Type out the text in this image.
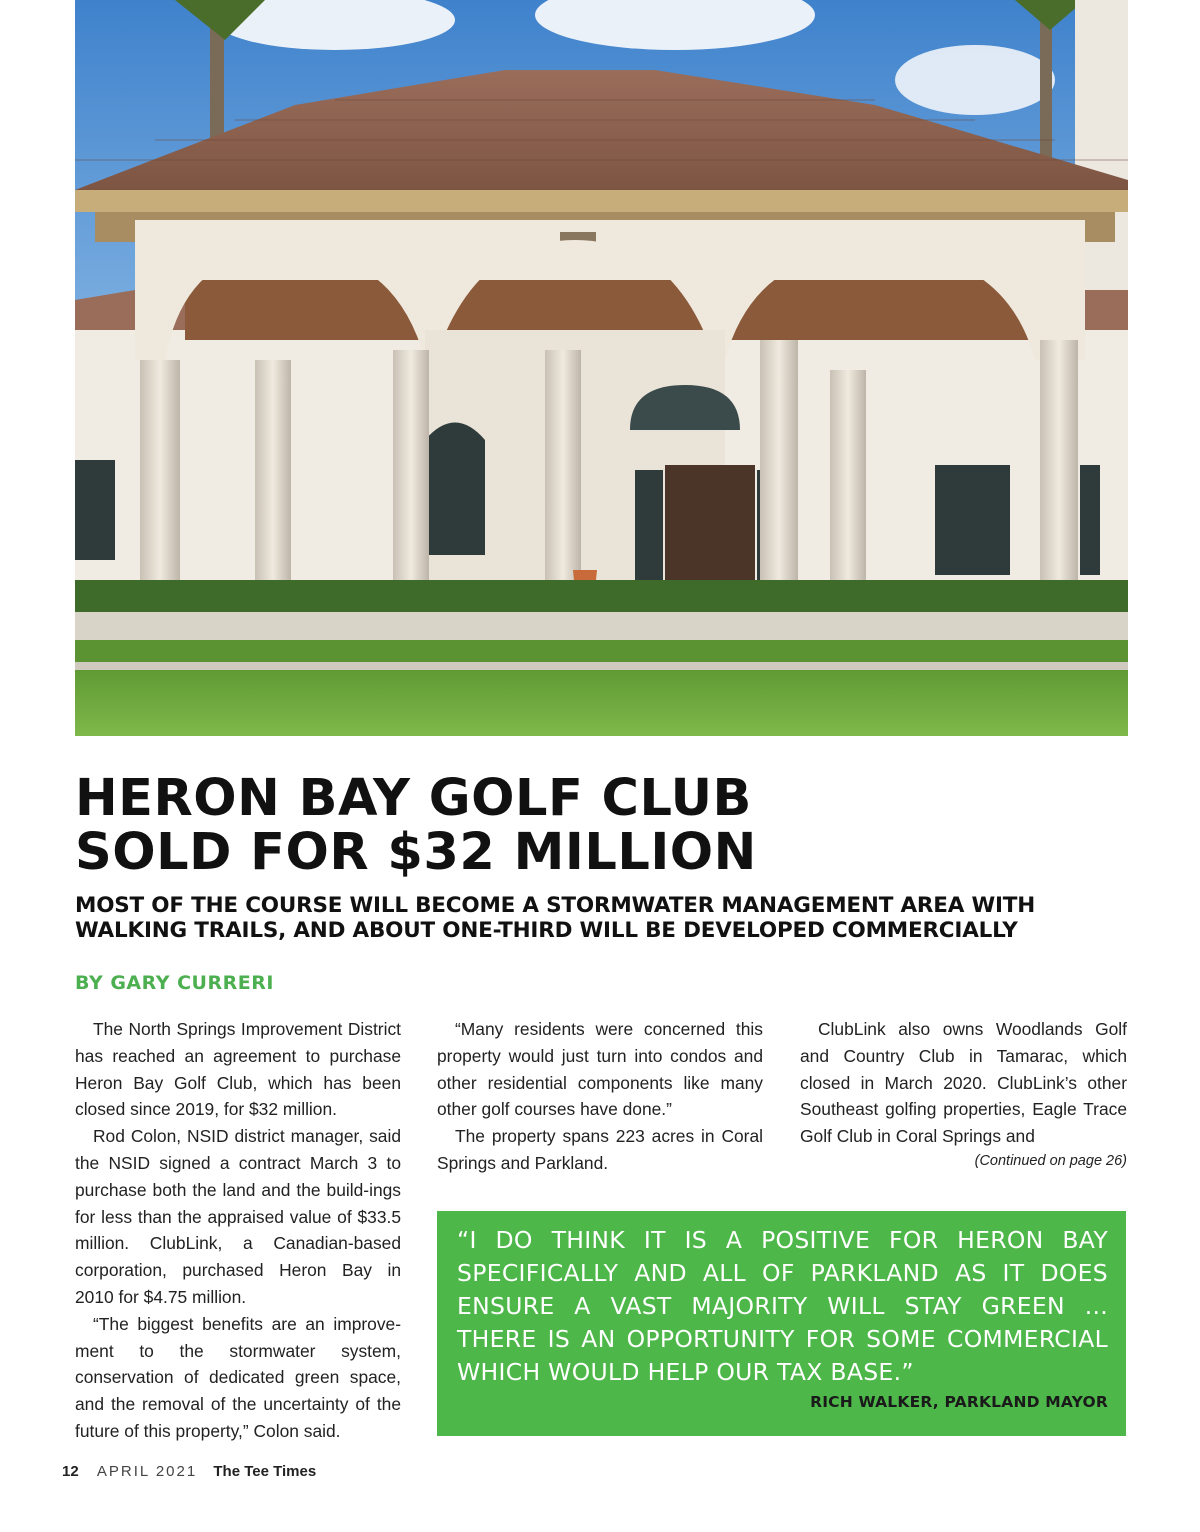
HERON BAY GOLF CLUB
SOLD FOR $32 MILLION
MOST OF THE COURSE WILL BECOME A STORMWATER MANAGEMENT AREA WITH
WALKING TRAILS, AND ABOUT ONE-THIRD WILL BE DEVELOPED COMMERCIALLY
BY GARY CURRERI

The North Springs Improvement District has reached an agreement to purchase Heron Bay Golf Club, which has been closed since 2019, for $32 million.

Rod Colon, NSID district manager, said the NSID signed a contract March 3 to purchase both the land and the build-ings for less than the appraised value of $33.5 million. ClubLink, a Canadian-based corporation, purchased Heron Bay in 2010 for $4.75 million.

“The biggest benefits are an improve-ment to the stormwater system, conservation of dedicated green space, and the removal of the uncertainty of the future of this property,” Colon said.

“Many residents were concerned this property would just turn into condos and other residential components like many other golf courses have done.”

The property spans 223 acres in Coral Springs and Parkland.

ClubLink also owns Woodlands Golf and Country Club in Tamarac, which closed in March 2020. ClubLink’s other Southeast golfing properties, Eagle Trace Golf Club in Coral Springs and

(Continued on page 26)
“I DO THINK IT IS A POSITIVE FOR HERON BAY SPECIFICALLY AND ALL OF PARKLAND AS IT DOES ENSURE A VAST MAJORITY WILL STAY GREEN ... THERE IS AN OPPORTUNITY FOR SOME COMMERCIAL WHICH WOULD HELP OUR TAX BASE.”
RICH WALKER, PARKLAND MAYOR
12 APRIL 2021 The Tee Times
